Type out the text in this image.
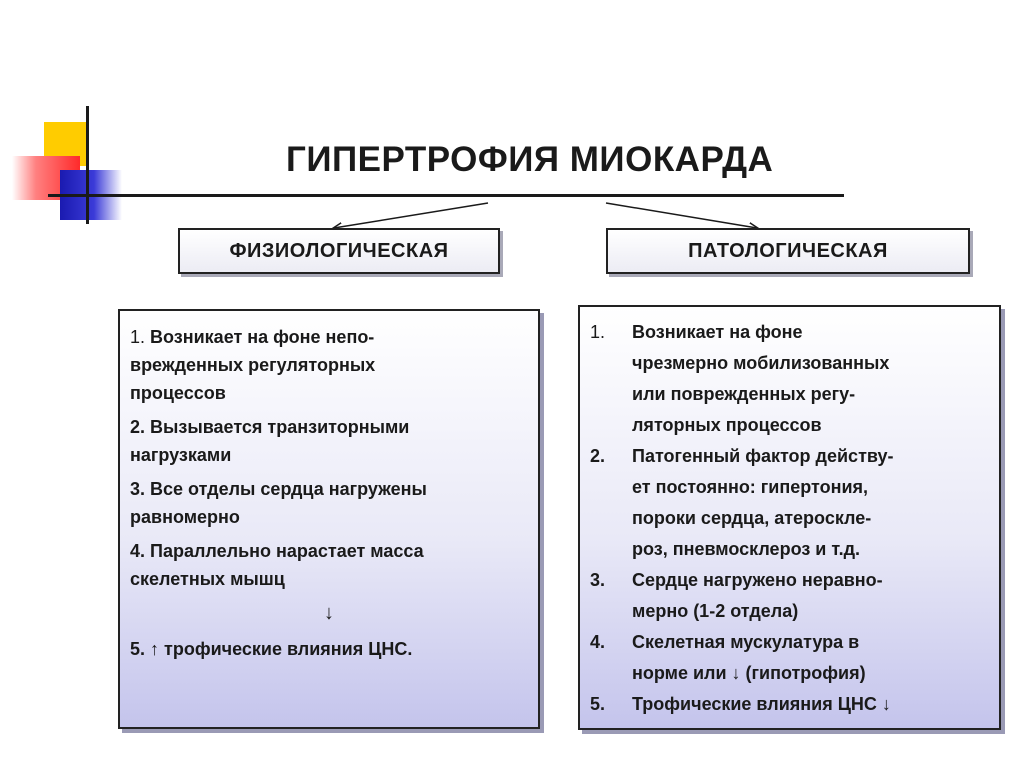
ГИПЕРТРОФИЯ МИОКАРДА
ФИЗИОЛОГИЧЕСКАЯ	ПАТОЛОГИЧЕСКАЯ
1. Возникает на фоне непо-
врежденных регуляторных
процессов
2. Вызывается транзиторными
нагрузками
3. Все отделы сердца нагружены
равномерно
4. Параллельно нарастает масса
скелетных мышц
↓
5. ↑ трофические влияния ЦНС.
1.	Возникает на фоне
чрезмерно мобилизованных
или поврежденных регу-
ляторных процессов
2.	Патогенный фактор действу-
ет постоянно: гипертония,
пороки сердца, атероскле-
роз, пневмосклероз и т.д.
3.	Сердце нагружено неравно-
мерно (1-2 отдела)
4.	Скелетная мускулатура в
норме или ↓ (гипотрофия)
5.	Трофические влияния ЦНС ↓
